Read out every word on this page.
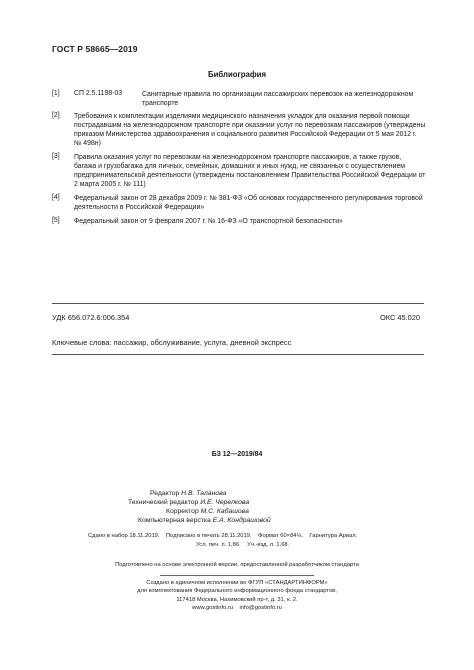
ГОСТ Р 58665—2019
Библиография
[1] СП 2.5.1198-03	Санитарные правила по организации пассажирских перевозок на железнодорожном
транспорте
[2] Требования к комплектации изделиями медицинского назначения укладок для оказания первой помощи
пострадавшим на железнодорожном транспорте при оказании услуг по перевозкам пассажиров (утверждены
приказом Министерства здравоохранения и социального развития Российской Федерации от 5 мая 2012 г.
№ 498н)
[3] Правила оказания услуг по перевозкам на железнодорожном транспорте пассажиров, а также грузов,
багажа и грузобагажа для личных, семейных, домашних и иных нужд, не связанных с осуществлением
предпринимательской деятельности (утверждены постановлением Правительства Российской Федерации от
2 марта 2005 г. № 111)
[4] Федеральный закон от 28 декабря 2009 г. № 381-ФЗ «Об основах государственного регулирования торговой
деятельности в Российской Федерации»
[5] Федеральный закон от 9 февраля 2007 г. № 16-ФЗ «О транспортной безопасности»
УДК 656.072.6:006.354	ОКС 45.020
Ключевые слова: пассажир, обслуживание, услуга, дневной экспресс
БЗ 12—2019/84
Редактор Н.В. Таланова
Технический редактор И.Е. Черепкова
Корректор М.С. Кабашова
Компьютерная верстка Е.А. Кондрашовой
Сдано в набор 18.11.2019.    Подписано в печать 28.11.2019.    Формат 60×84⅛.    Гарнитура Ариал.
Усл. печ. л. 1,86.    Уч.-изд. л. 1,68.
Подготовлено на основе электронной версии, предоставленной разработчиком стандарта
Создано в единичном исполнении во ФГУП «СТАНДАРТИНФОРМ»
для комплектования Федерального информационного фонда стандартов,
117418 Москва, Нахимовский пр-т, д. 31, к. 2.
www.gostinfo.ru    info@gostinfo.ru
